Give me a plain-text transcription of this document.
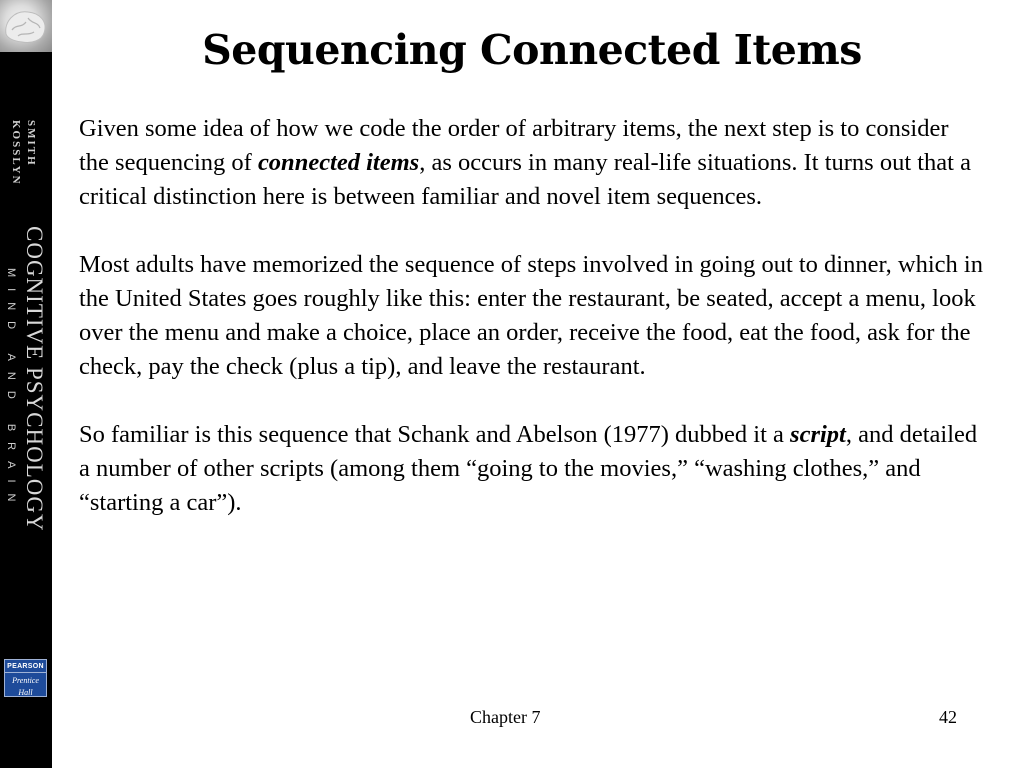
SMITH
KOSSLYN
COGNITIVE PSYCHOLOGY
MIND AND BRAIN
PEARSON
Prentice
Hall
Sequencing Connected Items

Given some idea of how we code the order of arbitrary items, the next step is to consider the sequencing of connected items, as occurs in many real-life situations. It turns out that a critical distinction here is between familiar and novel item sequences.

Most adults have memorized the sequence of steps involved in going out to dinner, which in the United States goes roughly like this: enter the restaurant, be seated, accept a menu, look over the menu and make a choice, place an order, receive the food, eat the food, ask for the check, pay the check (plus a tip), and leave the restaurant.

So familiar is this sequence that Schank and Abelson (1977) dubbed it a script, and detailed a number of other scripts (among them “going to the movies,” “washing clothes,” and “starting a car”).

Chapter 7	42
